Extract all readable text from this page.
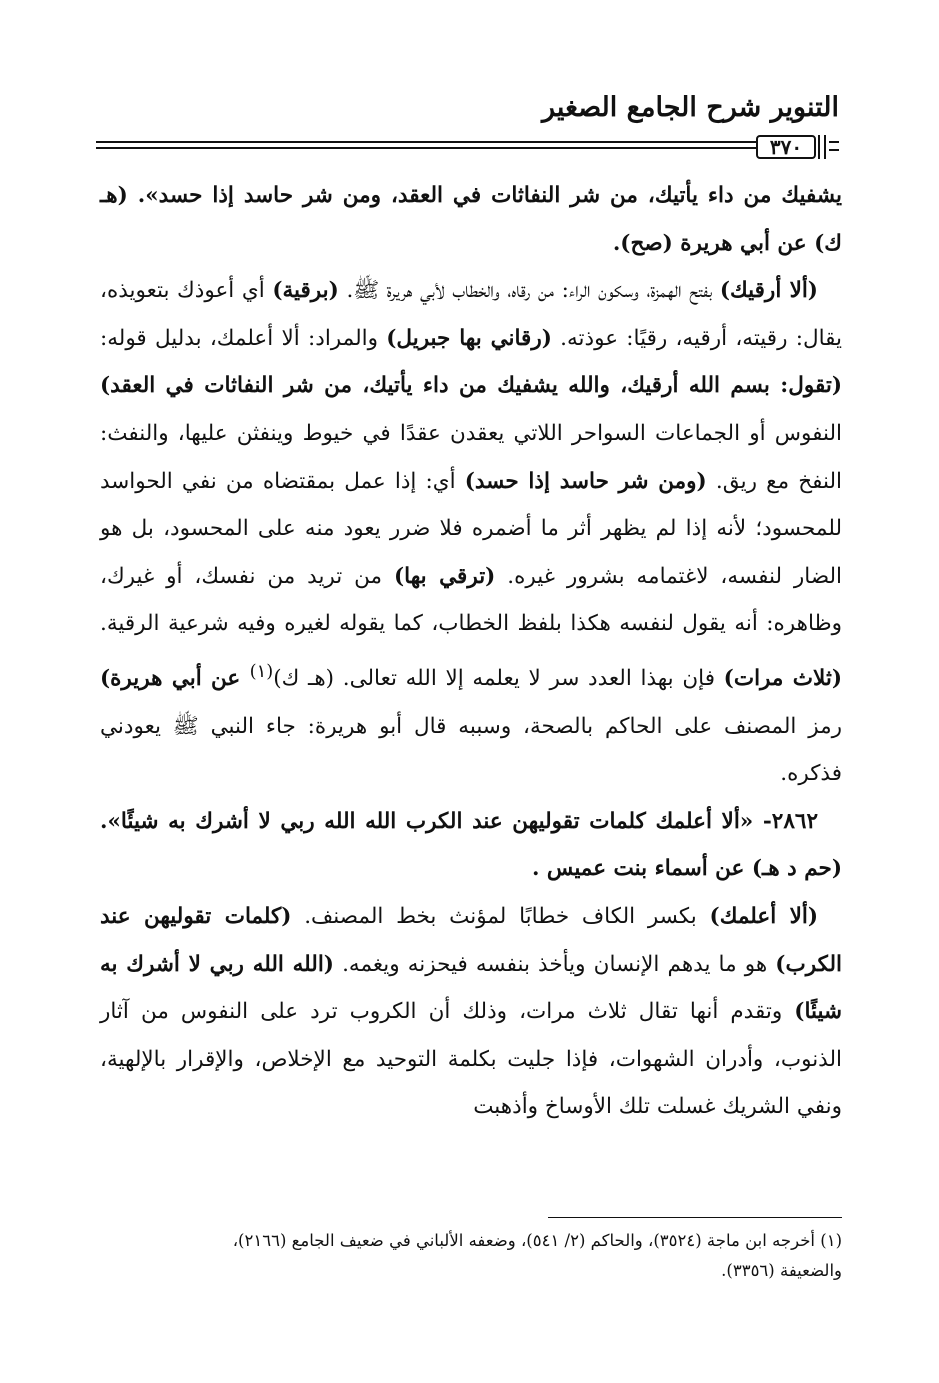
التنوير شرح الجامع الصغير
٣٧٠

يشفيك من داء يأتيك، من شر النفاثات في العقد، ومن شر حاسد إذا حسد». (هـ ك) عن أبي هريرة (صح).

(ألا أرقيك) بفتح الهمزة، وسكون الراء: من رقاه، والخطاب لأبي هريرة ﷺ. (برقية) أي أعوذك بتعويذه، يقال: رقيته، أرقيه، رقيًا: عوذته. (رقاني بها جبريل) والمراد: ألا أعلمك، بدليل قوله: (تقول: بسم الله أرقيك، والله يشفيك من داء يأتيك، من شر النفاثات في العقد) النفوس أو الجماعات السواحر اللاتي يعقدن عقدًا في خيوط وينفثن عليها، والنفث: النفخ مع ريق. (ومن شر حاسد إذا حسد) أي: إذا عمل بمقتضاه من نفي الحواسد للمحسود؛ لأنه إذا لم يظهر أثر ما أضمره فلا ضرر يعود منه على المحسود، بل هو الضار لنفسه، لاغتمامه بشرور غيره. (ترقي بها) من تريد من نفسك، أو غيرك، وظاهره: أنه يقول لنفسه هكذا بلفظ الخطاب، كما يقوله لغيره وفيه شرعية الرقية. (ثلاث مرات) فإن بهذا العدد سر لا يعلمه إلا الله تعالى. (هـ ك)$^{(١)}$ عن أبي هريرة) رمز المصنف على الحاكم بالصحة، وسببه قال أبو هريرة: جاء النبي ﷺ يعودني فذكره.

٢٨٦٢- «ألا أعلمك كلمات تقوليهن عند الكرب الله الله ربي لا أشرك به شيئًا». (حم د هـ) عن أسماء بنت عميس .

(ألا أعلمك) بكسر الكاف خطابًا لمؤنث بخط المصنف. (كلمات تقوليهن عند الكرب) هو ما يدهم الإنسان ويأخذ بنفسه فيحزنه ويغمه. (الله الله ربي لا أشرك به شيئًا) وتقدم أنها تقال ثلاث مرات، وذلك أن الكروب ترد على النفوس من آثار الذنوب، وأدران الشهوات، فإذا جليت بكلمة التوحيد مع الإخلاص، والإقرار بالإلهية، ونفي الشريك غسلت تلك الأوساخ وأذهبت

(١) أخرجه ابن ماجة (٣٥٢٤)، والحاكم (٢/ ٥٤١)، وضعفه الألباني في ضعيف الجامع (٢١٦٦)،
والضعيفة (٣٣٥٦).
